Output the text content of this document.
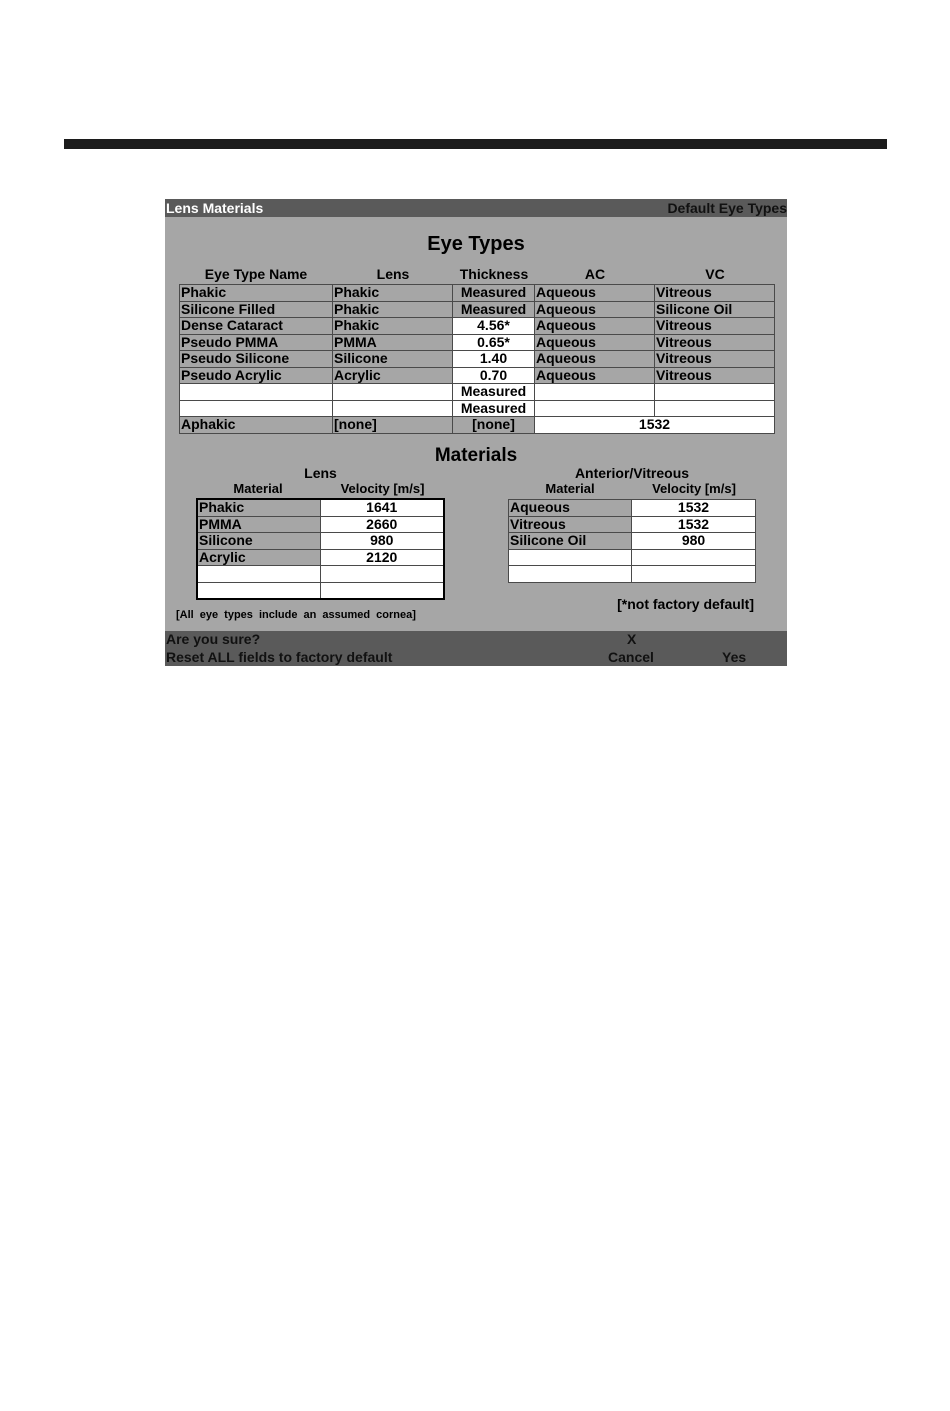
Lens Materials	Default Eye Types
Eye Types
Eye Type Name	Lens	Thickness	AC	VC
Phakic	Phakic	Measured	Aqueous	Vitreous
Silicone Filled	Phakic	Measured	Aqueous	Silicone Oil
Dense Cataract	Phakic	4.56*	Aqueous	Vitreous
Pseudo PMMA	PMMA	0.65*	Aqueous	Vitreous
Pseudo Silicone	Silicone	1.40	Aqueous	Vitreous
Pseudo Acrylic	Acrylic	0.70	Aqueous	Vitreous
		Measured		
		Measured		
Aphakic	[none]	[none]	1532	
Materials
Lens
Material	Velocity [m/s]
Anterior/Vitreous
Material	Velocity [m/s]
Phakic	1641
PMMA	2660
Silicone	980
Acrylic	2120

Aqueous	1532
Vitreous	1532
Silicone Oil	980

[All eye types include an assumed cornea]
[*not factory default]
Are you sure?
Reset ALL fields to factory default
X
Cancel	Yes
